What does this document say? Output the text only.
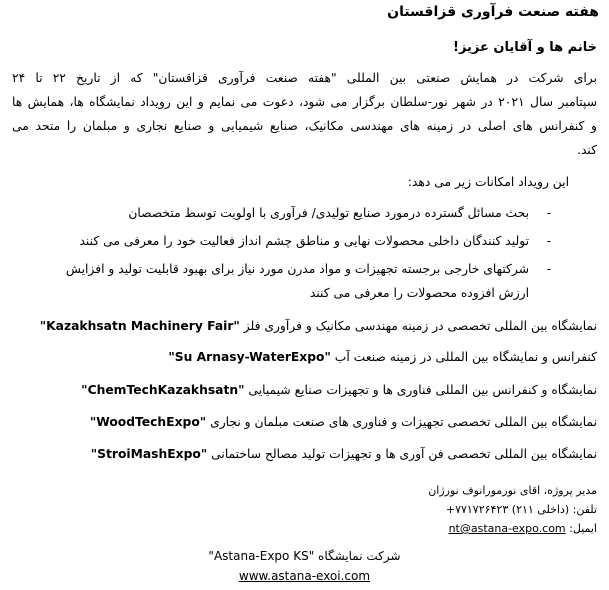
هفته صنعت فرآوری قزاقستان
خانم ها و آقایان عزیز!
برای شرکت در همایش صنعتی بین المللی "هفته صنعت فرآوری قزاقستان" که از تاریخ ۲۲ تا ۲۴
سپتامبر سال ۲۰۲۱ در شهر نور-سلطان برگزار می شود، دعوت می نمایم و این رویداد نمایشگاه ها، همایش ها
و کنفرانس های اصلی در زمینه های مهندسی مکانیک، صنایع شیمیایی و صنایع نجاری و مبلمان را متحد می
کند.
این رویداد امکانات زیر می دهد:
-
بحث مسائل گسترده درمورد صنایع تولیدی/ فرآوری با اولویت توسط متخصصان
-
تولید کنندگان داخلی محصولات نهایی و مناطق چشم انداز فعالیت خود را معرفی می کنند
-
شرکتهای خارجی برجسته تجهیزات و مواد مدرن مورد نیاز برای بهبود قابلیت تولید و افزایش
ارزش افزوده محصولات را معرفی می کنند
نمایشگاه بین المللی تخصصی در زمینه مهندسی مکانیک و فرآوری فلز "Kazakhsatn Machinery Fair"
کنفرانس و نمایشگاه بین المللی در زمینه صنعت آب "Su Arnasy-WaterExpo"
نمایشگاه و کنفرانس بین المللی فناوری ها و تجهیزات صنایع شیمیایی "ChemTechKazakhsatn"
نمایشگاه بین المللی تخصصی تجهیزات و فناوری های صنعت مبلمان و نجاری "WoodTechExpo"
نمایشگاه بین المللی تخصصی فن آوری ها و تجهیزات تولید مصالح ساختمانی "StroiMashExpo"
مدیر پروژه، اقای نورمورانوف نورژان
تلفن: (داخلی ۲۱۱) ۷۷۱۷۲۶۴۲۳+
ایمیل: nt@astana-expo.com
شرکت نمایشگاه "Astana-Expo KS"
www.astana-exoi.com
